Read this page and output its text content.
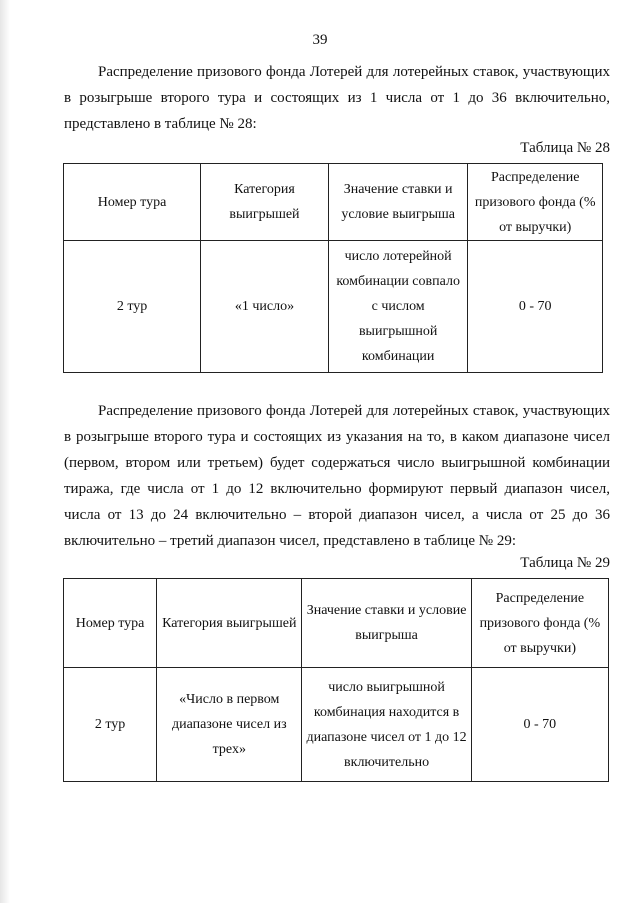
39

Распределение призового фонда Лотерей для лотерейных ставок, участвующих в розыгрыше второго тура и состоящих из 1 числа от 1 до 36 включительно, представлено в таблице № 28:

Таблица № 28
Номер тура	Категория выигрышей	Значение ставки и условие выигрыша	Распределение призового фонда (% от выручки)
2 тур	«1 число»	число лотерейной комбинации совпало с числом выигрышной комбинации	0 - 70

Распределение призового фонда Лотерей для лотерейных ставок, участвующих в розыгрыше второго тура и состоящих из указания на то, в каком диапазоне чисел (первом, втором или третьем) будет содержаться число выигрышной комбинации тиража, где числа от 1 до 12 включительно формируют первый диапазон чисел, числа от 13 до 24 включительно – второй диапазон чисел, а числа от 25 до 36 включительно – третий диапазон чисел, представлено в таблице № 29:

Таблица № 29
Номер тура	Категория выигрышей	Значение ставки и условие выигрыша	Распределение призового фонда (% от выручки)
2 тур	«Число в первом диапазоне чисел из трех»	число выигрышной комбинация находится в диапазоне чисел от 1 до 12 включительно	0 - 70
